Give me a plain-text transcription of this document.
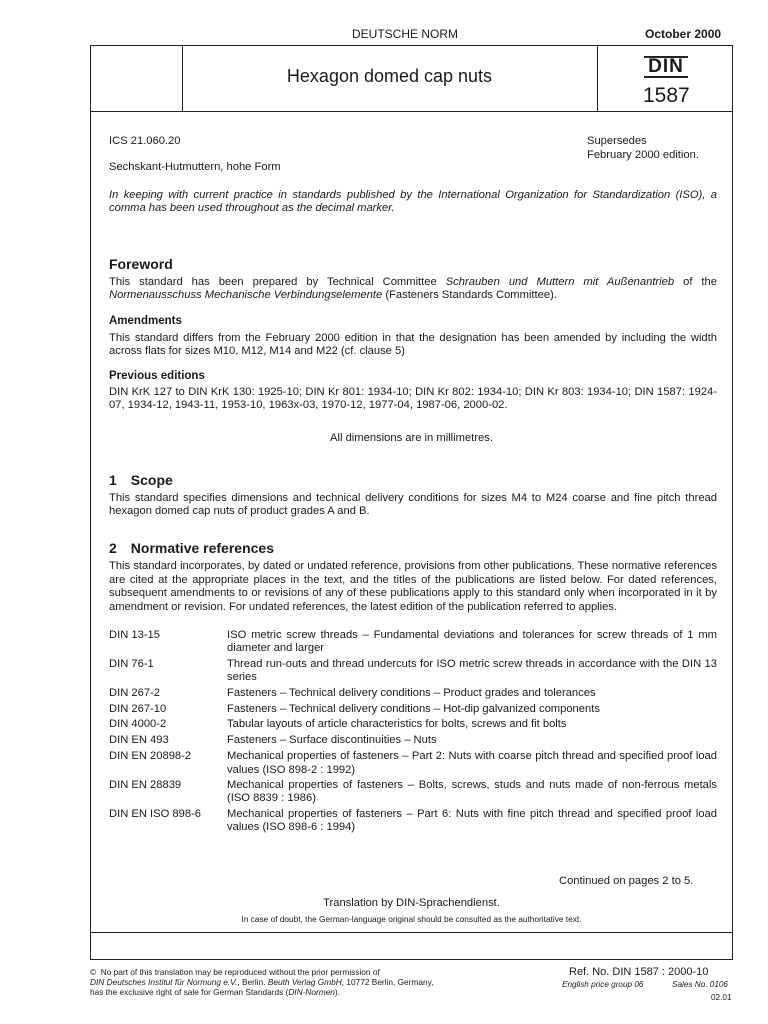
DEUTSCHE NORM	October 2000
Hexagon domed cap nuts	DIN
1587
ICS 21.060.20	Supersedes
February 2000 edition.
Sechskant-Hutmuttern, hohe Form
In keeping with current practice in standards published by the International Organization for Standardization (ISO), a comma has been used throughout as the decimal marker.
Foreword
This standard has been prepared by Technical Committee Schrauben und Muttern mit Außenantrieb of the Normenausschuss Mechanische Verbindungselemente (Fasteners Standards Committee).
Amendments
This standard differs from the February 2000 edition in that the designation has been amended by including the width across flats for sizes M10, M12, M14 and M22 (cf. clause 5)
Previous editions
DIN KrK 127 to DIN KrK 130: 1925-10; DIN Kr 801: 1934-10; DIN Kr 802: 1934-10; DIN Kr 803: 1934-10; DIN 1587: 1924-07, 1934-12, 1943-11, 1953-10, 1963x-03, 1970-12, 1977-04, 1987-06, 2000-02.
All dimensions are in millimetres.
1 Scope
This standard specifies dimensions and technical delivery conditions for sizes M4 to M24 coarse and fine pitch thread hexagon domed cap nuts of product grades A and B.
2 Normative references
This standard incorporates, by dated or undated reference, provisions from other publications. These normative references are cited at the appropriate places in the text, and the titles of the publications are listed below. For dated references, subsequent amendments to or revisions of any of these publications apply to this standard only when incorporated in it by amendment or revision. For undated references, the latest edition of the publication referred to applies.
DIN 13-15	ISO metric screw threads – Fundamental deviations and tolerances for screw threads of 1 mm diameter and larger
DIN 76-1	Thread run-outs and thread undercuts for ISO metric screw threads in accordance with the DIN 13 series
DIN 267-2	Fasteners – Technical delivery conditions – Product grades and tolerances
DIN 267-10	Fasteners – Technical delivery conditions – Hot-dip galvanized components
DIN 4000-2	Tabular layouts of article characteristics for bolts, screws and fit bolts
DIN EN 493	Fasteners – Surface discontinuities – Nuts
DIN EN 20898-2	Mechanical properties of fasteners – Part 2: Nuts with coarse pitch thread and specified proof load values (ISO 898-2 : 1992)
DIN EN 28839	Mechanical properties of fasteners – Bolts, screws, studs and nuts made of non-ferrous metals (ISO 8839 : 1986)
DIN EN ISO 898-6	Mechanical properties of fasteners – Part 6: Nuts with fine pitch thread and specified proof load values (ISO 898-6 : 1994)
Continued on pages 2 to 5.
Translation by DIN-Sprachendienst.
In case of doubt, the German-language original should be consulted as the authoritative text.
© No part of this translation may be reproduced without the prior permission of
DIN Deutsches Institut für Normung e.V., Berlin. Beuth Verlag GmbH, 10772 Berlin, Germany,
has the exclusive right of sale for German Standards (DIN-Normen).
Ref. No. DIN 1587 : 2000-10
English price group 06	Sales No. 0106
02.01
